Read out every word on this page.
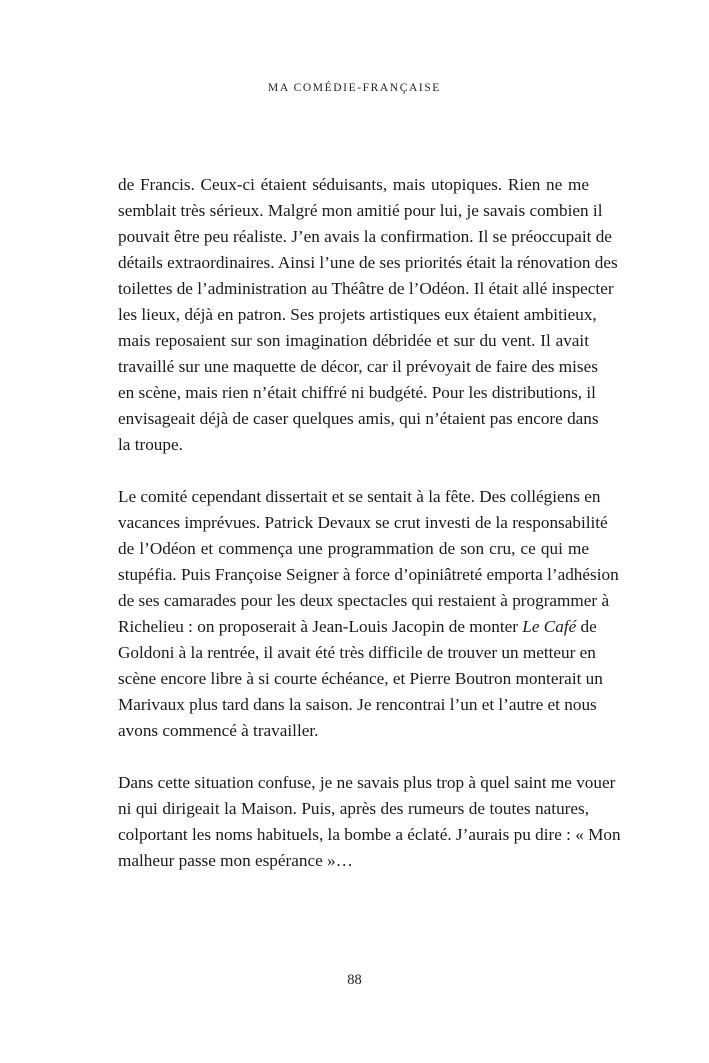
MA COMÉDIE-FRANÇAISE
de Francis. Ceux-ci étaient séduisants, mais utopiques. Rien ne me
semblait très sérieux. Malgré mon amitié pour lui, je savais combien il
pouvait être peu réaliste. J’en avais la confirmation. Il se préoccupait de
détails extraordinaires. Ainsi l’une de ses priorités était la rénovation des
toilettes de l’administration au Théâtre de l’Odéon. Il était allé inspecter
les lieux, déjà en patron. Ses projets artistiques eux étaient ambitieux,
mais reposaient sur son imagination débridée et sur du vent. Il avait
travaillé sur une maquette de décor, car il prévoyait de faire des mises
en scène, mais rien n’était chiffré ni budgété. Pour les distributions, il
envisageait déjà de caser quelques amis, qui n’étaient pas encore dans
la troupe.
Le comité cependant dissertait et se sentait à la fête. Des collégiens en
vacances imprévues. Patrick Devaux se crut investi de la responsabilité
de l’Odéon et commença une programmation de son cru, ce qui me
stupéfia. Puis Françoise Seigner à force d’opiniâtreté emporta l’adhésion
de ses camarades pour les deux spectacles qui restaient à programmer à
Richelieu : on proposerait à Jean-Louis Jacopin de monter Le Café de
Goldoni à la rentrée, il avait été très difficile de trouver un metteur en
scène encore libre à si courte échéance, et Pierre Boutron monterait un
Marivaux plus tard dans la saison. Je rencontrai l’un et l’autre et nous
avons commencé à travailler.
Dans cette situation confuse, je ne savais plus trop à quel saint me vouer
ni qui dirigeait la Maison. Puis, après des rumeurs de toutes natures,
colportant les noms habituels, la bombe a éclaté. J’aurais pu dire : « Mon
malheur passe mon espérance »…
88
